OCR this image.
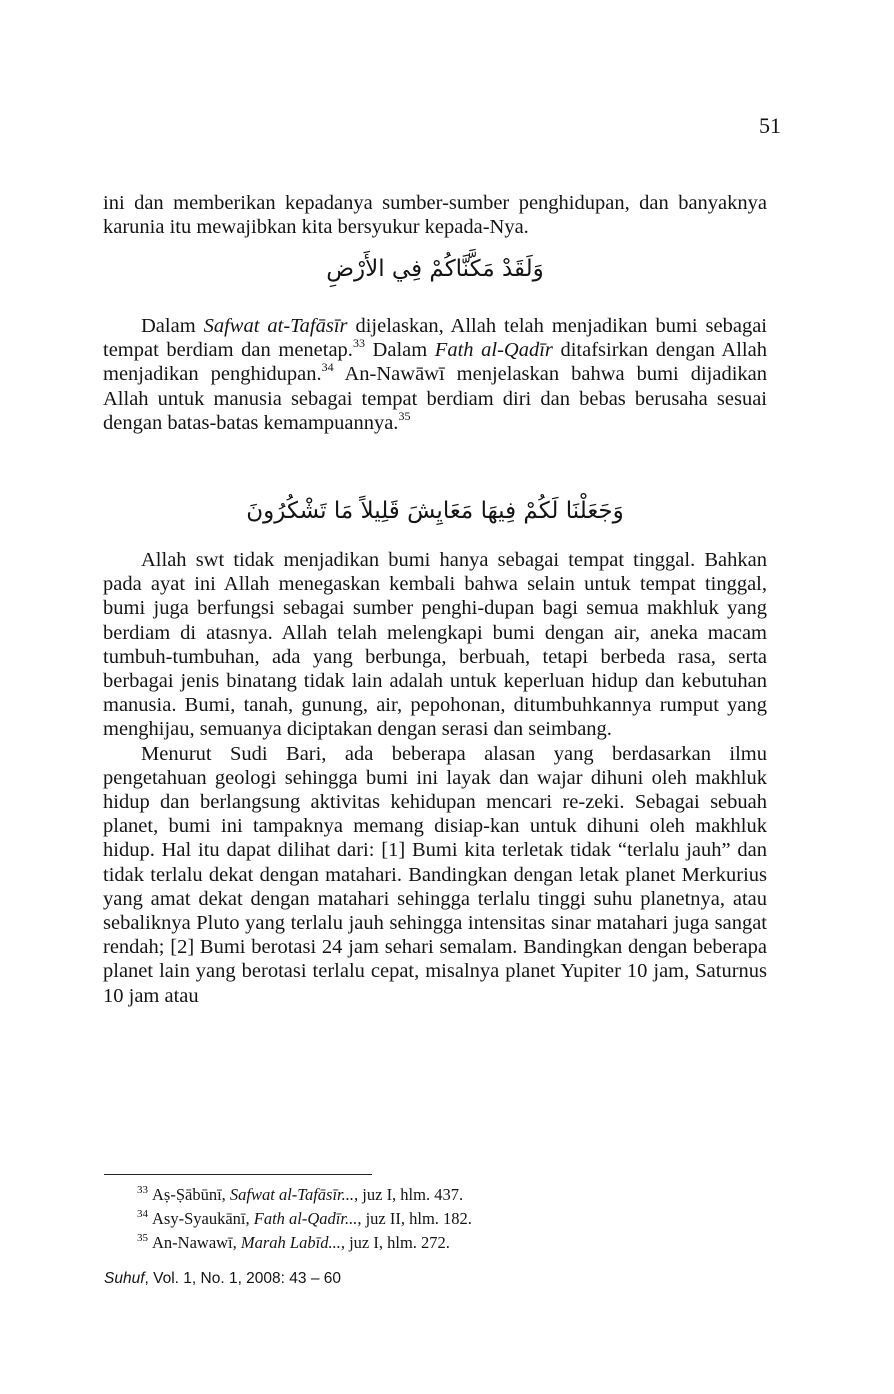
51

ini dan memberikan kepadanya sumber-sumber penghidupan, dan banyaknya karunia itu mewajibkan kita bersyukur kepada-Nya.

وَلَقَدْ مَكَّنَّاكُمْ فِي الأَرْضِ

Dalam Safwat at-Tafāsīr dijelaskan, Allah telah menjadikan bumi sebagai tempat berdiam dan menetap.$^{33}$ Dalam Fath al-Qadīr ditafsirkan dengan Allah menjadikan penghidupan.$^{34}$ An-Nawāwī menjelaskan bahwa bumi dijadikan Allah untuk manusia sebagai tempat berdiam diri dan bebas berusaha sesuai dengan batas-batas kemampuannya.$^{35}$

وَجَعَلْنَا لَكُمْ فِيهَا مَعَايِشَ قَلِيلاً مَا تَشْكُرُونَ

Allah swt tidak menjadikan bumi hanya sebagai tempat tinggal. Bahkan pada ayat ini Allah menegaskan kembali bahwa selain untuk tempat tinggal, bumi juga berfungsi sebagai sumber penghi-dupan bagi semua makhluk yang berdiam di atasnya. Allah telah melengkapi bumi dengan air, aneka macam tumbuh-tumbuhan, ada yang berbunga, berbuah, tetapi berbeda rasa, serta berbagai jenis binatang tidak lain adalah untuk keperluan hidup dan kebutuhan manusia. Bumi, tanah, gunung, air, pepohonan, ditumbuhkannya rumput yang menghijau, semuanya diciptakan dengan serasi dan seimbang.

Menurut Sudi Bari, ada beberapa alasan yang berdasarkan ilmu pengetahuan geologi sehingga bumi ini layak dan wajar dihuni oleh makhluk hidup dan berlangsung aktivitas kehidupan mencari re-zeki. Sebagai sebuah planet, bumi ini tampaknya memang disiap-kan untuk dihuni oleh makhluk hidup. Hal itu dapat dilihat dari: [1] Bumi kita terletak tidak “terlalu jauh” dan tidak terlalu dekat dengan matahari. Bandingkan dengan letak planet Merkurius yang amat dekat dengan matahari sehingga terlalu tinggi suhu planetnya, atau sebaliknya Pluto yang terlalu jauh sehingga intensitas sinar matahari juga sangat rendah; [2] Bumi berotasi 24 jam sehari semalam. Bandingkan dengan beberapa planet lain yang berotasi terlalu cepat, misalnya planet Yupiter 10 jam, Saturnus 10 jam atau

$^{33}$ Aṣ-Ṣābūnī, Safwat al-Tafāsīr..., juz I, hlm. 437.
$^{34}$ Asy-Syaukānī, Fath al-Qadīr..., juz II, hlm. 182.
$^{35}$ An-Nawawī, Marah Labīd..., juz I, hlm. 272.
Suhuf, Vol. 1, No. 1, 2008: 43 – 60
